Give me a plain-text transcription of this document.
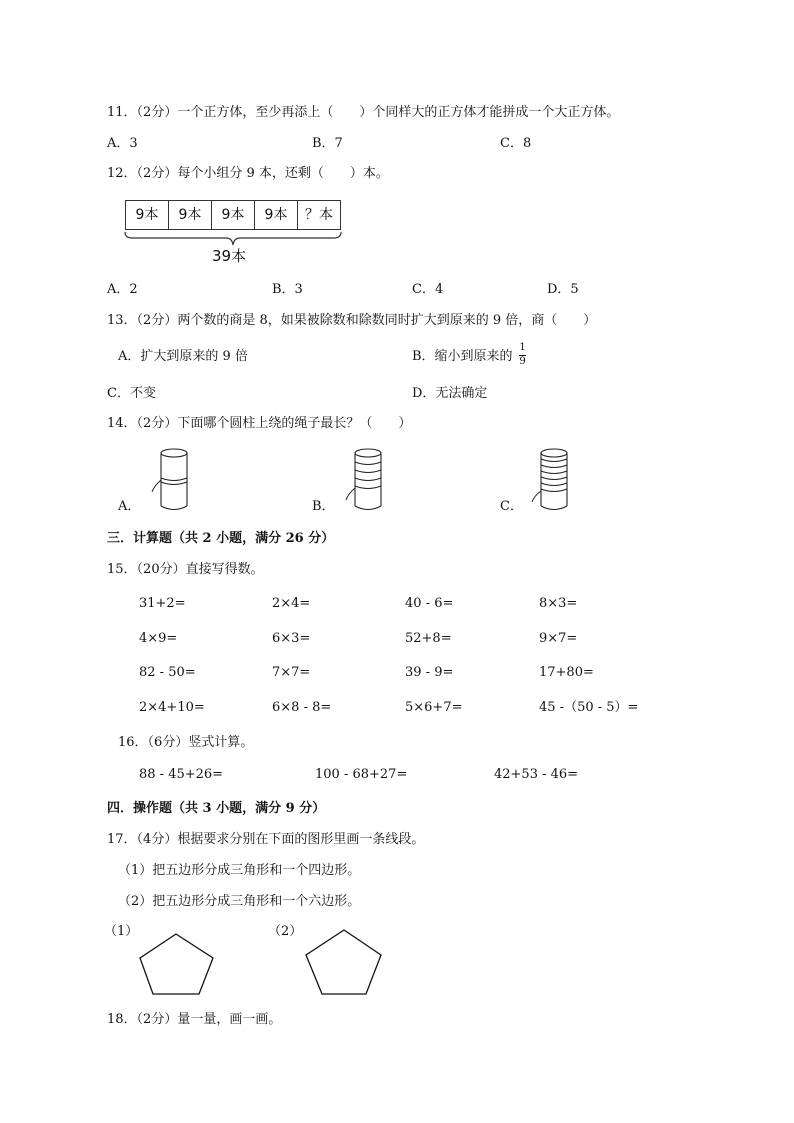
11．（2分）一个正方体，至少再添上（　　）个同样大的正方体才能拼成一个大正方体。
A．3	B．7	C．8
12．（2分）每个小组分 9 本，还剩（　　）本。
9本	9本	9本	9本	？本
39本
A．2	B．3	C．4	D．5
13．（2分）两个数的商是 8，如果被除数和除数同时扩大到原来的 9 倍，商（　　）
A．扩大到原来的 9 倍	B．缩小到原来的
1
9
C．不变	D．无法确定
14．（2分）下面哪个圆柱上绕的绳子最长？（　　）
A．	B．	C．
三．计算题（共 2 小题，满分 26 分）
15．（20分）直接写得数。
31+2=	2×4=	40 - 6=	8×3=
4×9=	6×3=	52+8=	9×7=
82 - 50=	7×7=	39 - 9=	17+80=
2×4+10=	6×8 - 8=	5×6+7=	45 -（50 - 5）=
16．（6分）竖式计算。
88 - 45+26=	100 - 68+27=	42+53 - 46=
四．操作题（共 3 小题，满分 9 分）
17．（4分）根据要求分别在下面的图形里画一条线段。
（1）把五边形分成三角形和一个四边形。
（2）把五边形分成三角形和一个六边形。
（1）	（2）
18．（2分）量一量，画一画。
